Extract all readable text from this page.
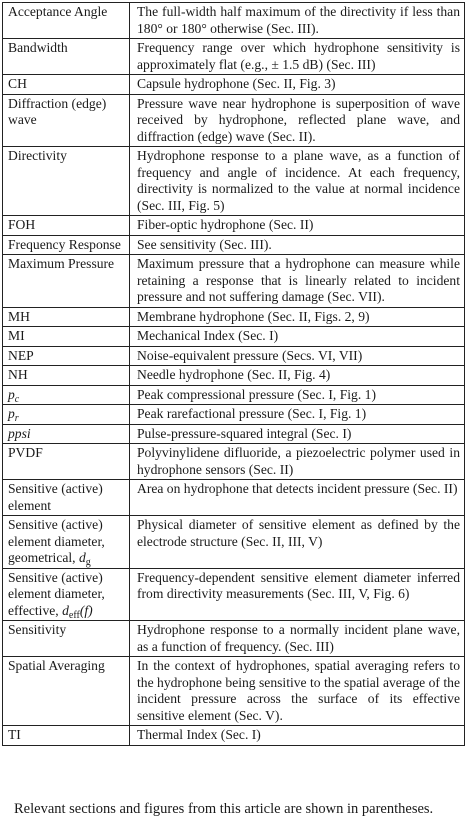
Acceptance Angle	The full-width half maximum of the directivity if less than 180° or 180° otherwise (Sec. III).
Bandwidth	Frequency range over which hydrophone sensitivity is approximately flat (e.g., ± 1.5 dB) (Sec. III)
CH	Capsule hydrophone (Sec. II, Fig. 3)
Diffraction (edge) wave	Pressure wave near hydrophone is superposition of wave received by hydrophone, reflected plane wave, and diffraction (edge) wave (Sec. II).
Directivity	Hydrophone response to a plane wave, as a function of frequency and angle of incidence. At each frequency, directivity is normalized to the value at normal incidence (Sec. III, Fig. 5)
FOH	Fiber-optic hydrophone (Sec. II)
Frequency Response	See sensitivity (Sec. III).
Maximum Pressure	Maximum pressure that a hydrophone can measure while retaining a response that is linearly related to incident pressure and not suffering damage (Sec. VII).
MH	Membrane hydrophone (Sec. II, Figs. 2, 9)
MI	Mechanical Index (Sec. I)
NEP	Noise-equivalent pressure (Secs. VI, VII)
NH	Needle hydrophone (Sec. II, Fig. 4)
$p_c$	Peak compressional pressure (Sec. I, Fig. 1)
$p_r$	Peak rarefactional pressure (Sec. I, Fig. 1)
ppsi	Pulse-pressure-squared integral (Sec. I)
PVDF	Polyvinylidene difluoride, a piezoelectric polymer used in hydrophone sensors (Sec. II)
Sensitive (active) element	Area on hydrophone that detects incident pressure (Sec. II)
Sensitive (active) element diameter, geometrical, $d_g$	Physical diameter of sensitive element as defined by the electrode structure (Sec. II, III, V)
Sensitive (active) element diameter, effective, $d_{eff}(f)$	Frequency-dependent sensitive element diameter inferred from directivity measurements (Sec. III, V, Fig. 6)
Sensitivity	Hydrophone response to a normally incident plane wave, as a function of frequency. (Sec. III)
Spatial Averaging	In the context of hydrophones, spatial averaging refers to the hydrophone being sensitive to the spatial average of the incident pressure across the surface of its effective sensitive element (Sec. V).
TI	Thermal Index (Sec. I)
Relevant sections and figures from this article are shown in parentheses.
